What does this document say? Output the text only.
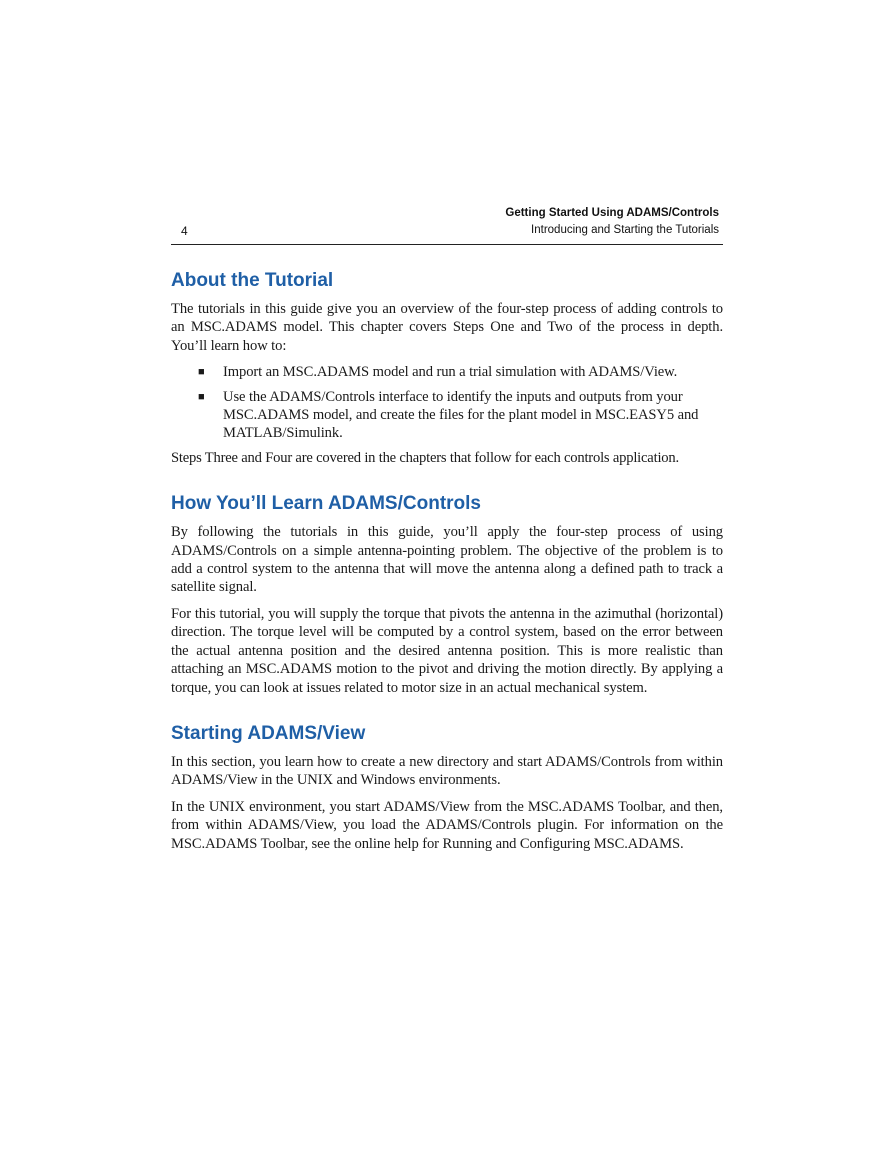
4
Getting Started Using ADAMS/Controls
Introducing and Starting the Tutorials
About the Tutorial

The tutorials in this guide give you an overview of the four-step process of adding controls to an MSC.ADAMS model. This chapter covers Steps One and Two of the process in depth. You’ll learn how to:

■ Import an MSC.ADAMS model and run a trial simulation with ADAMS/View.
■ Use the ADAMS/Controls interface to identify the inputs and outputs from your MSC.ADAMS model, and create the files for the plant model in MSC.EASY5 and MATLAB/Simulink.

Steps Three and Four are covered in the chapters that follow for each controls application.

How You’ll Learn ADAMS/Controls

By following the tutorials in this guide, you’ll apply the four-step process of using ADAMS/Controls on a simple antenna-pointing problem. The objective of the problem is to add a control system to the antenna that will move the antenna along a defined path to track a satellite signal.

For this tutorial, you will supply the torque that pivots the antenna in the azimuthal (horizontal) direction. The torque level will be computed by a control system, based on the error between the actual antenna position and the desired antenna position. This is more realistic than attaching an MSC.ADAMS motion to the pivot and driving the motion directly. By applying a torque, you can look at issues related to motor size in an actual mechanical system.

Starting ADAMS/View

In this section, you learn how to create a new directory and start ADAMS/Controls from within ADAMS/View in the UNIX and Windows environments.

In the UNIX environment, you start ADAMS/View from the MSC.ADAMS Toolbar, and then, from within ADAMS/View, you load the ADAMS/Controls plugin. For information on the MSC.ADAMS Toolbar, see the online help for Running and Configuring MSC.ADAMS.
